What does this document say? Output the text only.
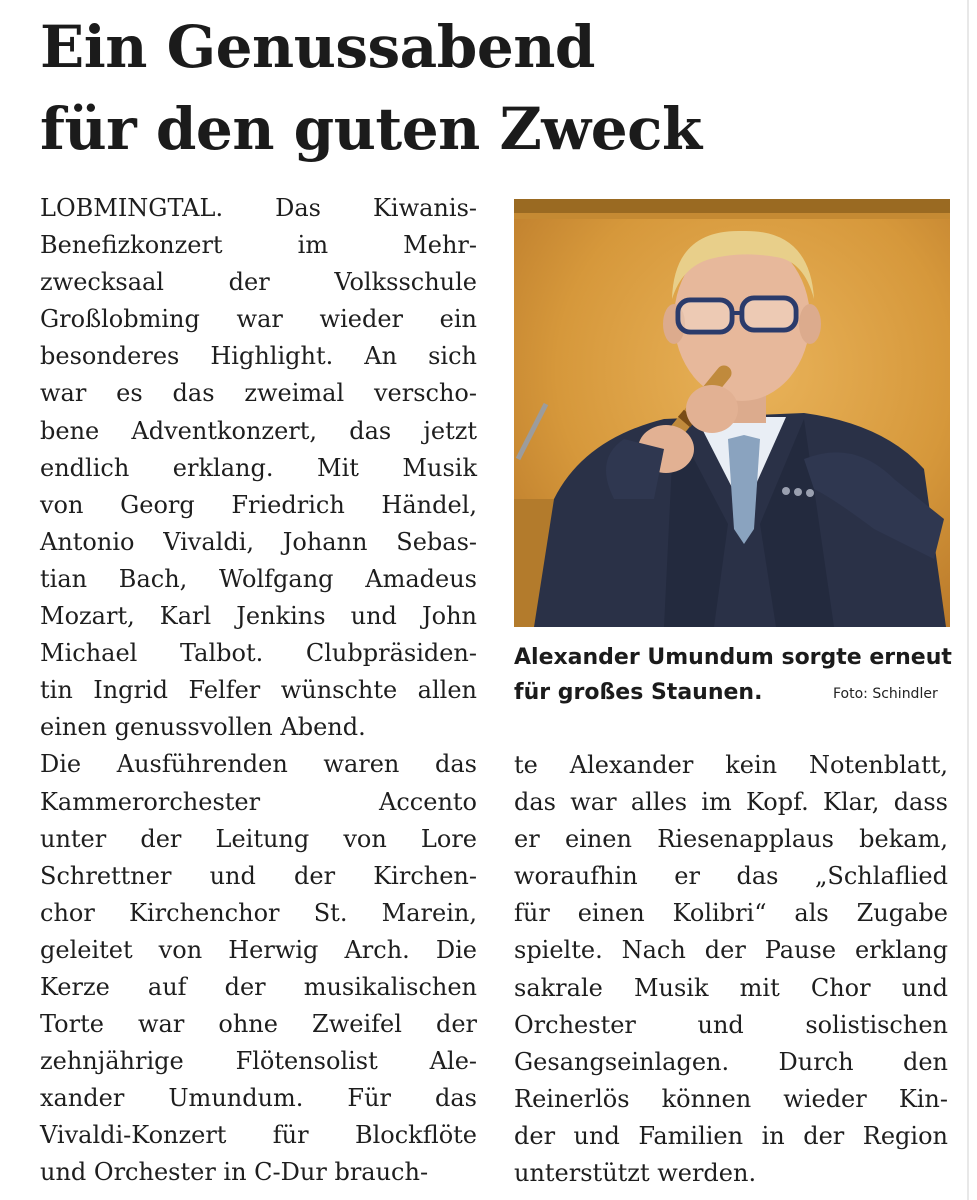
Ein Genussabend
für den guten Zweck
LOBMINGTAL. Das Kiwanis-
Benefizkonzert im Mehr-
zwecksaal der Volksschule
Großlobming war wieder ein
besonderes Highlight. An sich
war es das zweimal verscho-
bene Adventkonzert, das jetzt
endlich erklang. Mit Musik
von Georg Friedrich Händel,
Antonio Vivaldi, Johann Sebas-
tian Bach, Wolfgang Amadeus
Mozart, Karl Jenkins und John
Michael Talbot. Clubpräsiden-
tin Ingrid Felfer wünschte allen
einen genussvollen Abend.
Die Ausführenden waren das
Kammerorchester Accento
unter der Leitung von Lore
Schrettner und der Kirchen-
chor Kirchenchor St. Marein,
geleitet von Herwig Arch. Die
Kerze auf der musikalischen
Torte war ohne Zweifel der
zehnjährige Flötensolist Ale-
xander Umundum. Für das
Vivaldi-Konzert für Blockflöte
und Orchester in C-Dur brauch-
Alexander Umundum sorgte erneut
für großes Staunen.	Foto: Schindler
te Alexander kein Notenblatt,
das war alles im Kopf. Klar, dass
er einen Riesenapplaus bekam,
woraufhin er das „Schlaflied
für einen Kolibri“ als Zugabe
spielte. Nach der Pause erklang
sakrale Musik mit Chor und
Orchester und solistischen
Gesangseinlagen. Durch den
Reinerlös können wieder Kin-
der und Familien in der Region
unterstützt werden.
